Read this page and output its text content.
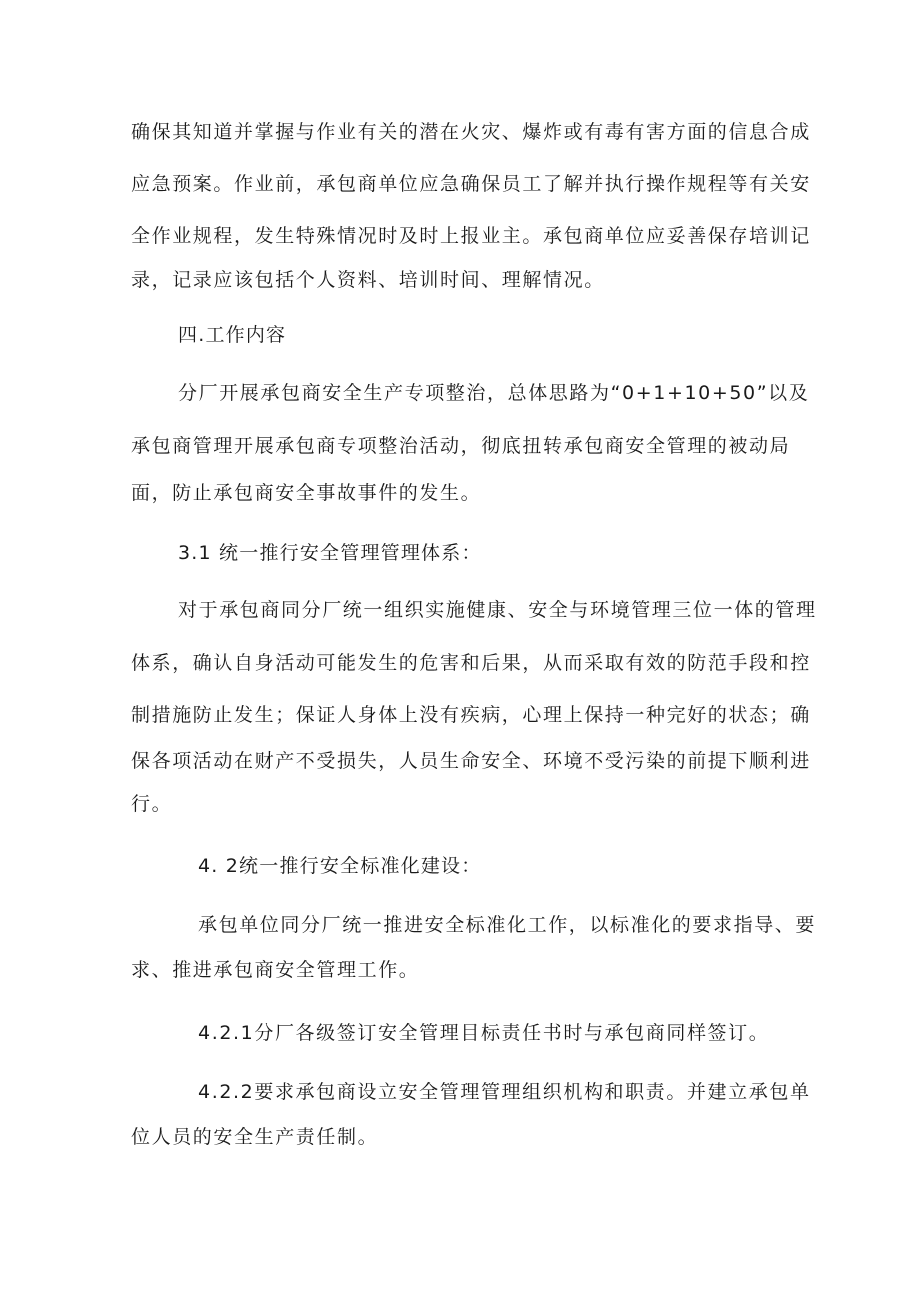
确保其知道并掌握与作业有关的潜在火灾、爆炸或有毒有害方面的信息合成
应急预案。作业前，承包商单位应急确保员工了解并执行操作规程等有关安
全作业规程，发生特殊情况时及时上报业主。承包商单位应妥善保存培训记
录，记录应该包括个人资料、培训时间、理解情况。
四.工作内容
分厂开展承包商安全生产专项整治，总体思路为“0+1+10+50”以及
承包商管理开展承包商专项整治活动，彻底扭转承包商安全管理的被动局
面，防止承包商安全事故事件的发生。
3.1 统一推行安全管理管理体系：
对于承包商同分厂统一组织实施健康、安全与环境管理三位一体的管理
体系，确认自身活动可能发生的危害和后果，从而采取有效的防范手段和控
制措施防止发生；保证人身体上没有疾病，心理上保持一种完好的状态；确
保各项活动在财产不受损失，人员生命安全、环境不受污染的前提下顺利进
行。
4. 2统一推行安全标准化建设：
承包单位同分厂统一推进安全标准化工作，以标准化的要求指导、要
求、推进承包商安全管理工作。
4.2.1分厂各级签订安全管理目标责任书时与承包商同样签订。
4.2.2要求承包商设立安全管理管理组织机构和职责。并建立承包单
位人员的安全生产责任制。
